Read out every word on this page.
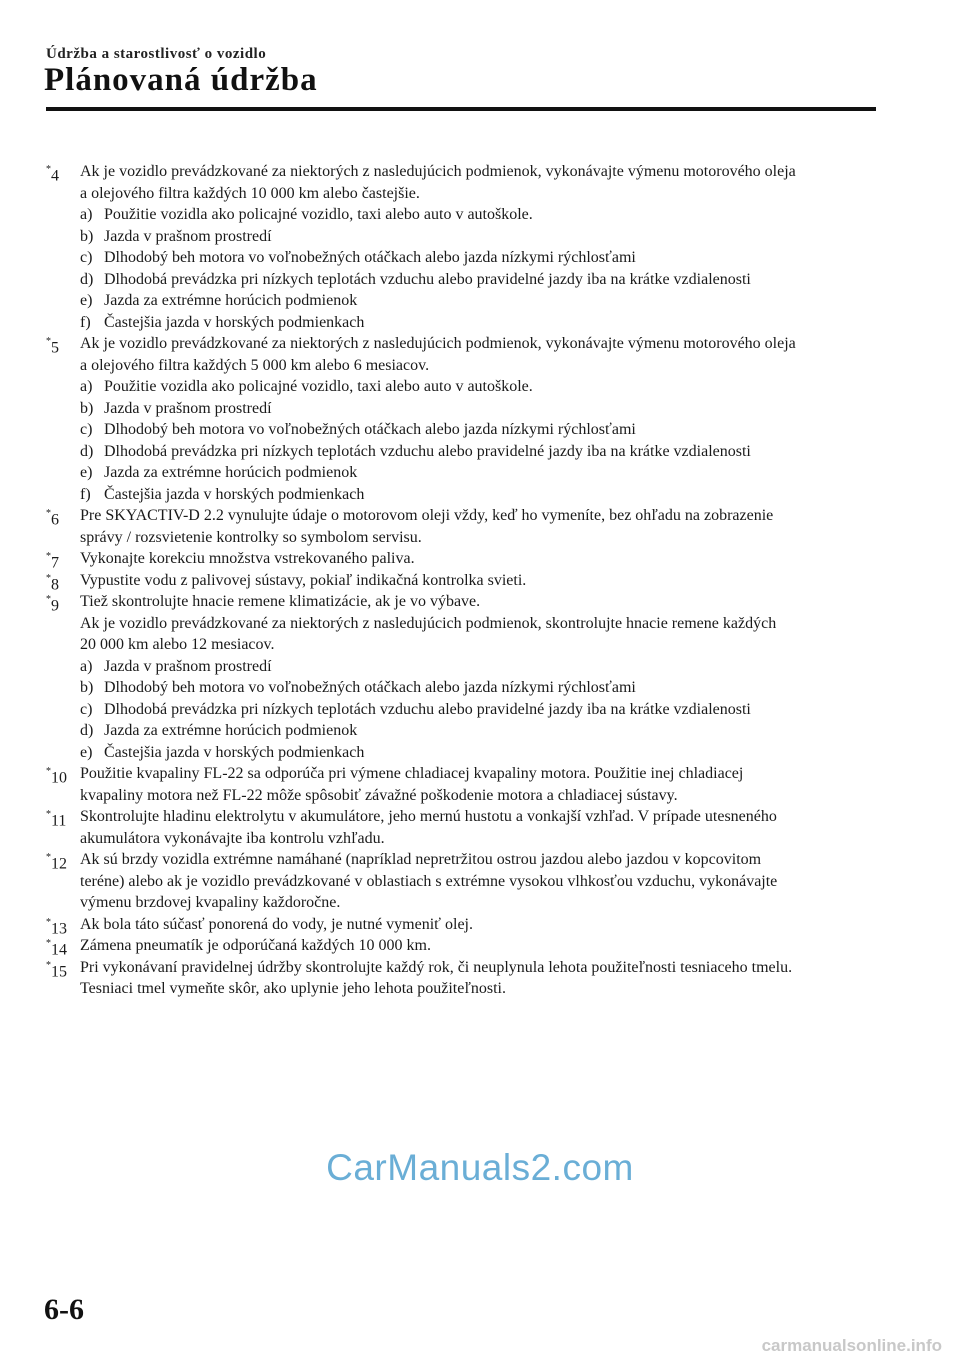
Údržba a starostlivosť o vozidlo
Plánovaná údržba
*4 Ak je vozidlo prevádzkované za niektorých z nasledujúcich podmienok, vykonávajte výmenu motorového oleja
a olejového filtra každých 10 000 km alebo častejšie.
a) Použitie vozidla ako policajné vozidlo, taxi alebo auto v autoškole.
b) Jazda v prašnom prostredí
c) Dlhodobý beh motora vo voľnobežných otáčkach alebo jazda nízkymi rýchlosťami
d) Dlhodobá prevádzka pri nízkych teplotách vzduchu alebo pravidelné jazdy iba na krátke vzdialenosti
e) Jazda za extrémne horúcich podmienok
f) Častejšia jazda v horských podmienkach
*5 Ak je vozidlo prevádzkované za niektorých z nasledujúcich podmienok, vykonávajte výmenu motorového oleja
a olejového filtra každých 5 000 km alebo 6 mesiacov.
a) Použitie vozidla ako policajné vozidlo, taxi alebo auto v autoškole.
b) Jazda v prašnom prostredí
c) Dlhodobý beh motora vo voľnobežných otáčkach alebo jazda nízkymi rýchlosťami
d) Dlhodobá prevádzka pri nízkych teplotách vzduchu alebo pravidelné jazdy iba na krátke vzdialenosti
e) Jazda za extrémne horúcich podmienok
f) Častejšia jazda v horských podmienkach
*6 Pre SKYACTIV-D 2.2 vynulujte údaje o motorovom oleji vždy, keď ho vymeníte, bez ohľadu na zobrazenie
správy / rozsvietenie kontrolky so symbolom servisu.
*7 Vykonajte korekciu množstva vstrekovaného paliva.
*8 Vypustite vodu z palivovej sústavy, pokiaľ indikačná kontrolka svieti.
*9 Tiež skontrolujte hnacie remene klimatizácie, ak je vo výbave.
Ak je vozidlo prevádzkované za niektorých z nasledujúcich podmienok, skontrolujte hnacie remene každých
20 000 km alebo 12 mesiacov.
a) Jazda v prašnom prostredí
b) Dlhodobý beh motora vo voľnobežných otáčkach alebo jazda nízkymi rýchlosťami
c) Dlhodobá prevádzka pri nízkych teplotách vzduchu alebo pravidelné jazdy iba na krátke vzdialenosti
d) Jazda za extrémne horúcich podmienok
e) Častejšia jazda v horských podmienkach
*10 Použitie kvapaliny FL-22 sa odporúča pri výmene chladiacej kvapaliny motora. Použitie inej chladiacej
kvapaliny motora než FL-22 môže spôsobiť závažné poškodenie motora a chladiacej sústavy.
*11 Skontrolujte hladinu elektrolytu v akumulátore, jeho mernú hustotu a vonkajší vzhľad. V prípade utesneného
akumulátora vykonávajte iba kontrolu vzhľadu.
*12 Ak sú brzdy vozidla extrémne namáhané (napríklad nepretržitou ostrou jazdou alebo jazdou v kopcovitom
teréne) alebo ak je vozidlo prevádzkované v oblastiach s extrémne vysokou vlhkosťou vzduchu, vykonávajte
výmenu brzdovej kvapaliny každoročne.
*13 Ak bola táto súčasť ponorená do vody, je nutné vymeniť olej.
*14 Zámena pneumatík je odporúčaná každých 10 000 km.
*15 Pri vykonávaní pravidelnej údržby skontrolujte každý rok, či neuplynula lehota použiteľnosti tesniaceho tmelu.
Tesniaci tmel vymeňte skôr, ako uplynie jeho lehota použiteľnosti.
CarManuals2.com
6-6
carmanualsonline.info
